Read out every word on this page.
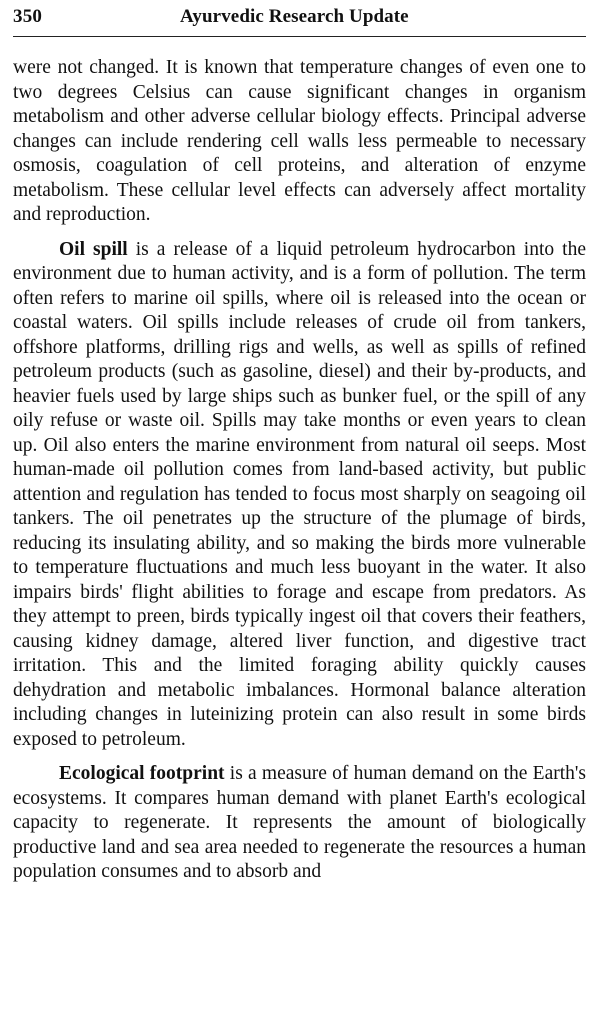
350	Ayurvedic Research Update

were not changed. It is known that temperature changes of even one to two degrees Celsius can cause significant changes in organism metabolism and other adverse cellular biology effects. Principal adverse changes can include rendering cell walls less permeable to necessary osmosis, coagulation of cell proteins, and alteration of enzyme metabolism. These cellular level effects can adversely affect mortality and reproduction.

Oil spill is a release of a liquid petroleum hydrocarbon into the environment due to human activity, and is a form of pollution. The term often refers to marine oil spills, where oil is released into the ocean or coastal waters. Oil spills include releases of crude oil from tankers, offshore platforms, drilling rigs and wells, as well as spills of refined petroleum products (such as gasoline, diesel) and their by-products, and heavier fuels used by large ships such as bunker fuel, or the spill of any oily refuse or waste oil. Spills may take months or even years to clean up. Oil also enters the marine environment from natural oil seeps. Most human-made oil pollution comes from land-based activity, but public attention and regulation has tended to focus most sharply on seagoing oil tankers. The oil penetrates up the structure of the plumage of birds, reducing its insulating ability, and so making the birds more vulnerable to temperature fluctuations and much less buoyant in the water. It also impairs birds' flight abilities to forage and escape from predators. As they attempt to preen, birds typically ingest oil that covers their feathers, causing kidney damage, altered liver function, and digestive tract irritation. This and the limited foraging ability quickly causes dehydration and metabolic imbalances. Hormonal balance alteration including changes in luteinizing protein can also result in some birds exposed to petroleum.

Ecological footprint is a measure of human demand on the Earth's ecosystems. It compares human demand with planet Earth's ecological capacity to regenerate. It represents the amount of biologically productive land and sea area needed to regenerate the resources a human population consumes and to absorb and
